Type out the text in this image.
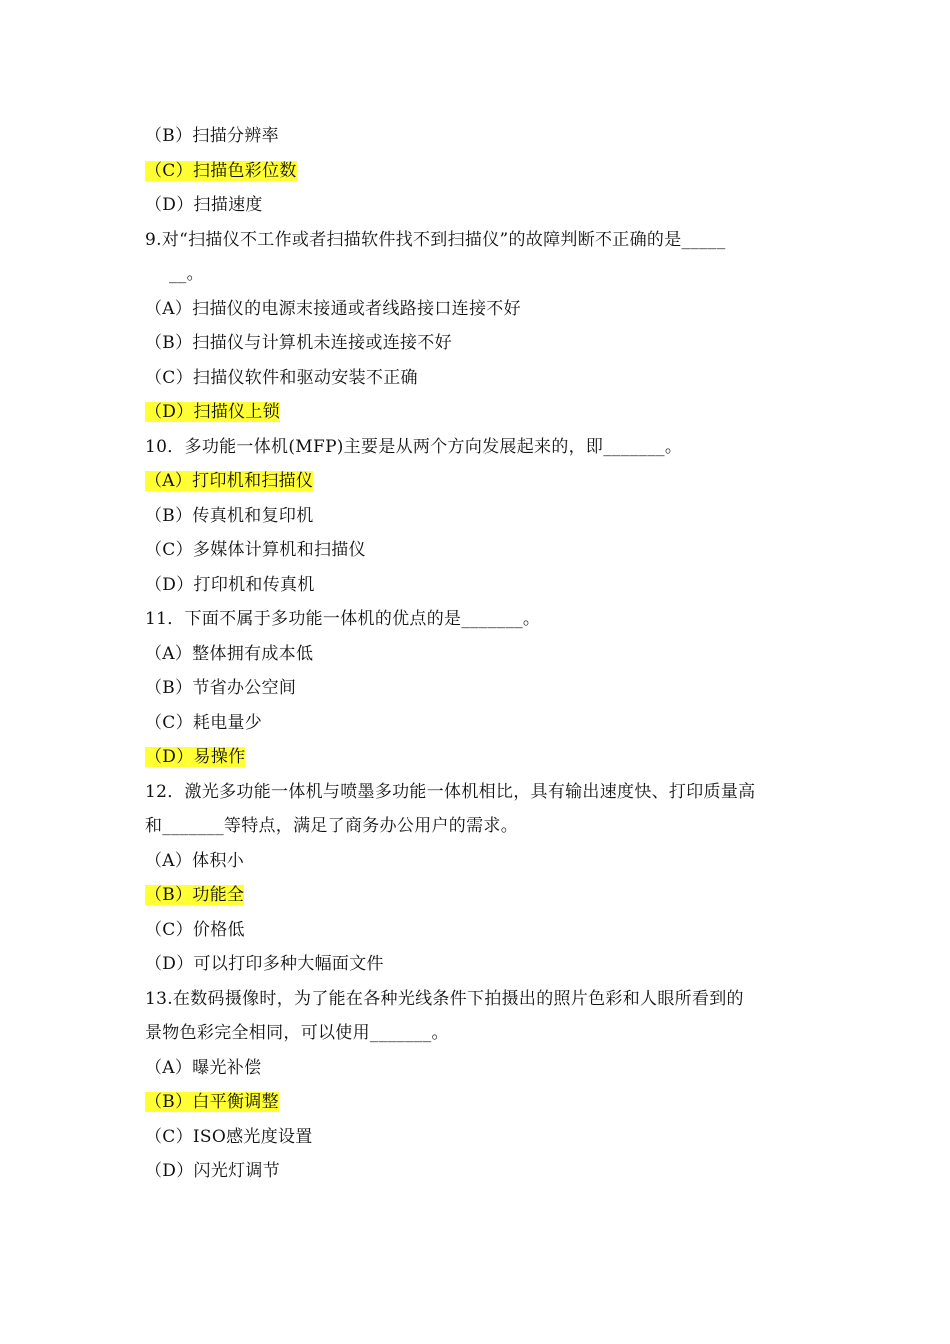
（B）扫描分辨率
（C）扫描色彩位数
（D）扫描速度
9.对“扫描仪不工作或者扫描软件找不到扫描仪”的故障判断不正确的是_____
__。
（A）扫描仪的电源末接通或者线路接口连接不好
（B）扫描仪与计算机未连接或连接不好
（C）扫描仪软件和驱动安装不正确
（D）扫描仪上锁
10．多功能一体机(MFP)主要是从两个方向发展起来的，即_______。
（A）打印机和扫描仪
（B）传真机和复印机
（C）多媒体计算机和扫描仪
（D）打印机和传真机
11．下面不属于多功能一体机的优点的是_______。
（A）整体拥有成本低
（B）节省办公空间
（C）耗电量少
（D）易操作
12．激光多功能一体机与喷墨多功能一体机相比，具有输出速度快、打印质量高
和_______等特点，满足了商务办公用户的需求。
（A）体积小
（B）功能全
（C）价格低
（D）可以打印多种大幅面文件
13.在数码摄像时，为了能在各种光线条件下拍摄出的照片色彩和人眼所看到的
景物色彩完全相同，可以使用_______。
（A）曝光补偿
（B）白平衡调整
（C）ISO感光度设置
（D）闪光灯调节
